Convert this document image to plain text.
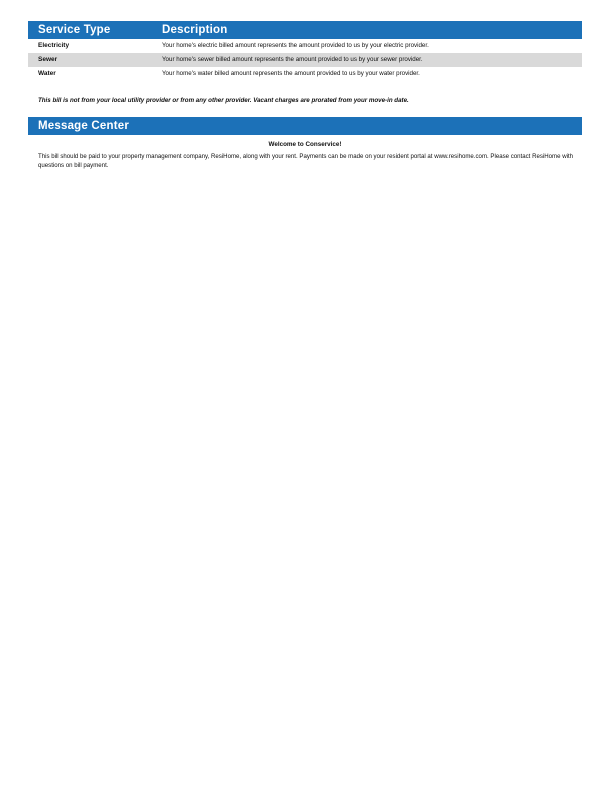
Service Type	Description
Electricity	Your home's electric billed amount represents the amount provided to us by your electric provider.
Sewer	Your home's sewer billed amount represents the amount provided to us by your sewer provider.
Water	Your home's water billed amount represents the amount provided to us by your water provider.
This bill is not from your local utility provider or from any other provider. Vacant charges are prorated from your move-in date.
Message Center
Welcome to Conservice!
This bill should be paid to your property management company, ResiHome, along with your rent. Payments can be made on your resident portal at www.resihome.com. Please contact ResiHome with questions on bill payment.
